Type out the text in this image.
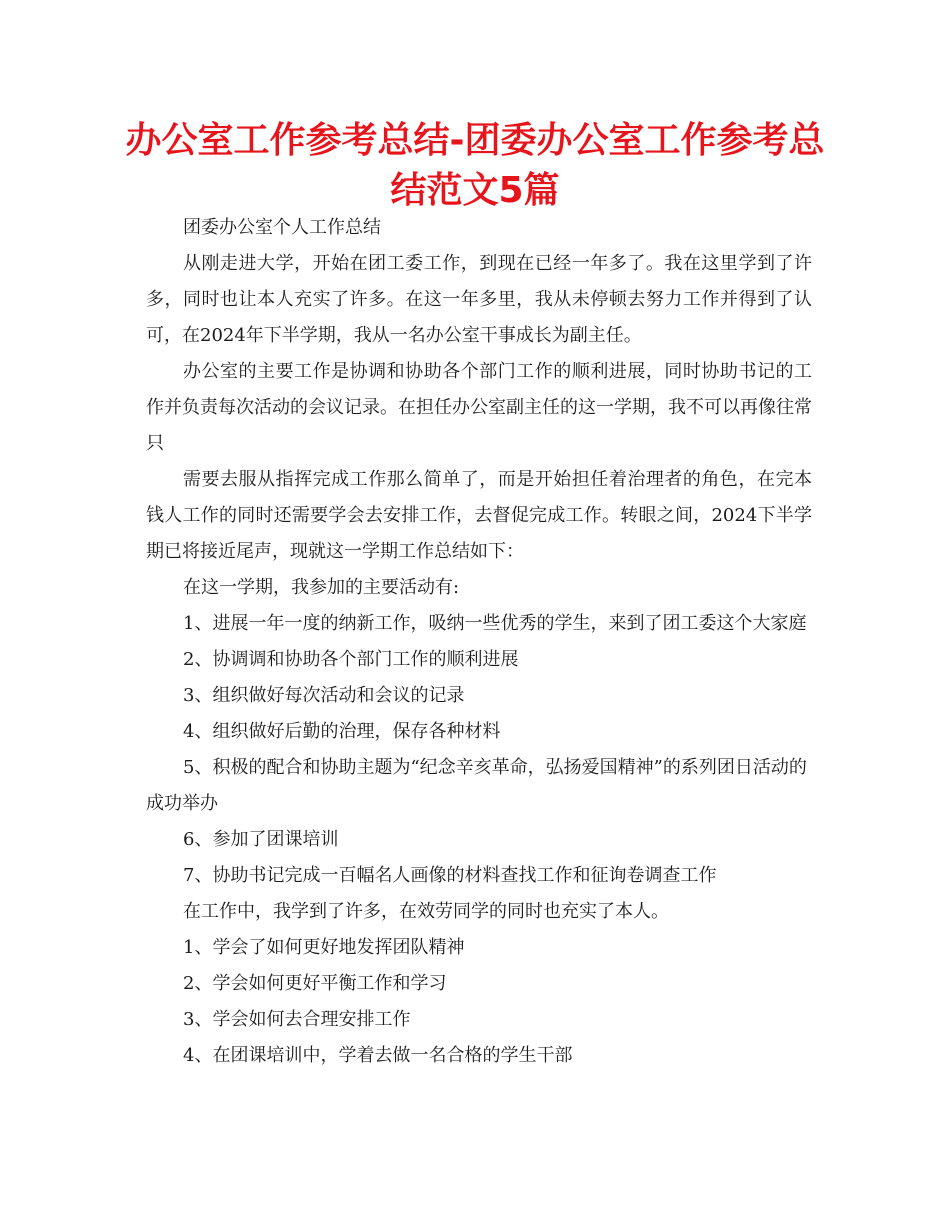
办公室工作参考总结-团委办公室工作参考总结范文5篇

团委办公室个人工作总结

从刚走进大学，开始在团工委工作，到现在已经一年多了。我在这里学到了许多，同时也让本人充实了许多。在这一年多里，我从未停顿去努力工作并得到了认可，在2024年下半学期，我从一名办公室干事成长为副主任。

办公室的主要工作是协调和协助各个部门工作的顺利进展，同时协助书记的工作并负责每次活动的会议记录。在担任办公室副主任的这一学期，我不可以再像往常只

需要去服从指挥完成工作那么简单了，而是开始担任着治理者的角色，在完本钱人工作的同时还需要学会去安排工作，去督促完成工作。转眼之间，2024下半学期已将接近尾声，现就这一学期工作总结如下：

在这一学期，我参加的主要活动有:

1、进展一年一度的纳新工作，吸纳一些优秀的学生，来到了团工委这个大家庭

2、协调调和协助各个部门工作的顺利进展

3、组织做好每次活动和会议的记录

4、组织做好后勤的治理，保存各种材料

5、积极的配合和协助主题为“纪念辛亥革命，弘扬爱国精神”的系列团日活动的成功举办

6、参加了团课培训

7、协助书记完成一百幅名人画像的材料查找工作和征询卷调查工作

在工作中，我学到了许多，在效劳同学的同时也充实了本人。

1、学会了如何更好地发挥团队精神

2、学会如何更好平衡工作和学习

3、学会如何去合理安排工作

4、在团课培训中，学着去做一名合格的学生干部
